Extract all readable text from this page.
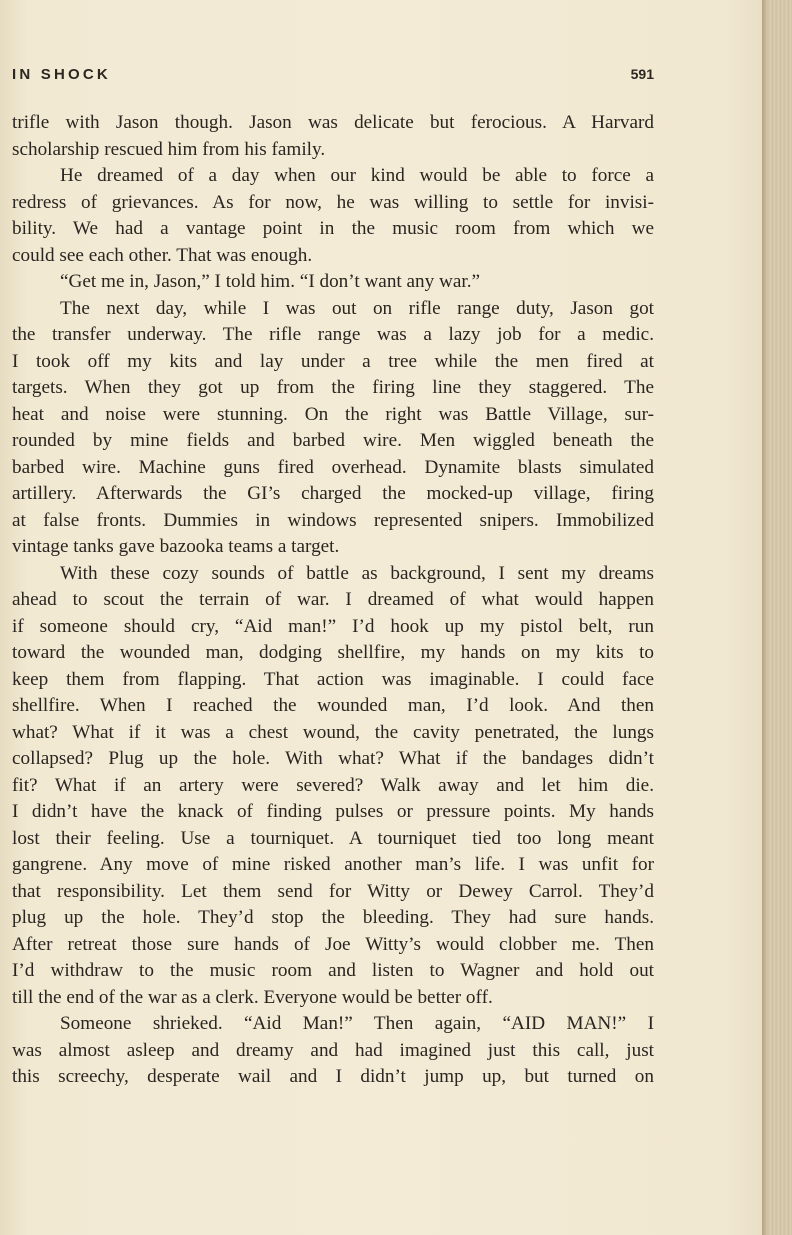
IN SHOCK	591
trifle with Jason though. Jason was delicate but ferocious. A Harvard
scholarship rescued him from his family.
He dreamed of a day when our kind would be able to force a
redress of grievances. As for now, he was willing to settle for invisi-
bility. We had a vantage point in the music room from which we
could see each other. That was enough.
“Get me in, Jason,” I told him. “I don’t want any war.”
The next day, while I was out on rifle range duty, Jason got
the transfer underway. The rifle range was a lazy job for a medic.
I took off my kits and lay under a tree while the men fired at
targets. When they got up from the firing line they staggered. The
heat and noise were stunning. On the right was Battle Village, sur-
rounded by mine fields and barbed wire. Men wiggled beneath the
barbed wire. Machine guns fired overhead. Dynamite blasts simulated
artillery. Afterwards the GI’s charged the mocked-up village, firing
at false fronts. Dummies in windows represented snipers. Immobilized
vintage tanks gave bazooka teams a target.
With these cozy sounds of battle as background, I sent my dreams
ahead to scout the terrain of war. I dreamed of what would happen
if someone should cry, “Aid man!” I’d hook up my pistol belt, run
toward the wounded man, dodging shellfire, my hands on my kits to
keep them from flapping. That action was imaginable. I could face
shellfire. When I reached the wounded man, I’d look. And then
what? What if it was a chest wound, the cavity penetrated, the lungs
collapsed? Plug up the hole. With what? What if the bandages didn’t
fit? What if an artery were severed? Walk away and let him die.
I didn’t have the knack of finding pulses or pressure points. My hands
lost their feeling. Use a tourniquet. A tourniquet tied too long meant
gangrene. Any move of mine risked another man’s life. I was unfit for
that responsibility. Let them send for Witty or Dewey Carrol. They’d
plug up the hole. They’d stop the bleeding. They had sure hands.
After retreat those sure hands of Joe Witty’s would clobber me. Then
I’d withdraw to the music room and listen to Wagner and hold out
till the end of the war as a clerk. Everyone would be better off.
Someone shrieked. “Aid Man!” Then again, “AID MAN!” I
was almost asleep and dreamy and had imagined just this call, just
this screechy, desperate wail and I didn’t jump up, but turned on
